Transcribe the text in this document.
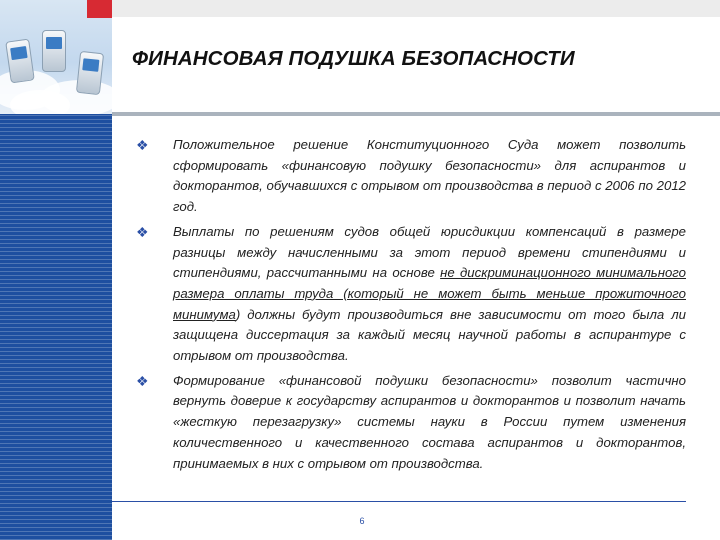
ФИНАНСОВАЯ ПОДУШКА БЕЗОПАСНОСТИ
❖ Положительное решение Конституционного Суда может позволить сформировать «финансовую подушку безопасности» для аспирантов и докторантов, обучавшихся с отрывом от производства в период с 2006 по 2012 год.
❖ Выплаты по решениям судов общей юрисдикции компенсаций в размере разницы между начисленными за этот период времени стипендиями и стипендиями, рассчитанными на основе не дискриминационного минимального размера оплаты труда (который не может быть меньше прожиточного минимума) должны будут производиться вне зависимости от того была ли защищена диссертация за каждый месяц научной работы в аспирантуре с отрывом от производства.
❖ Формирование «финансовой подушки безопасности» позволит частично вернуть доверие к государству аспирантов и докторантов и позволит начать «жесткую перезагрузку» системы науки в России путем изменения количественного и качественного состава аспирантов и докторантов, принимаемых в них с отрывом от производства.
6
